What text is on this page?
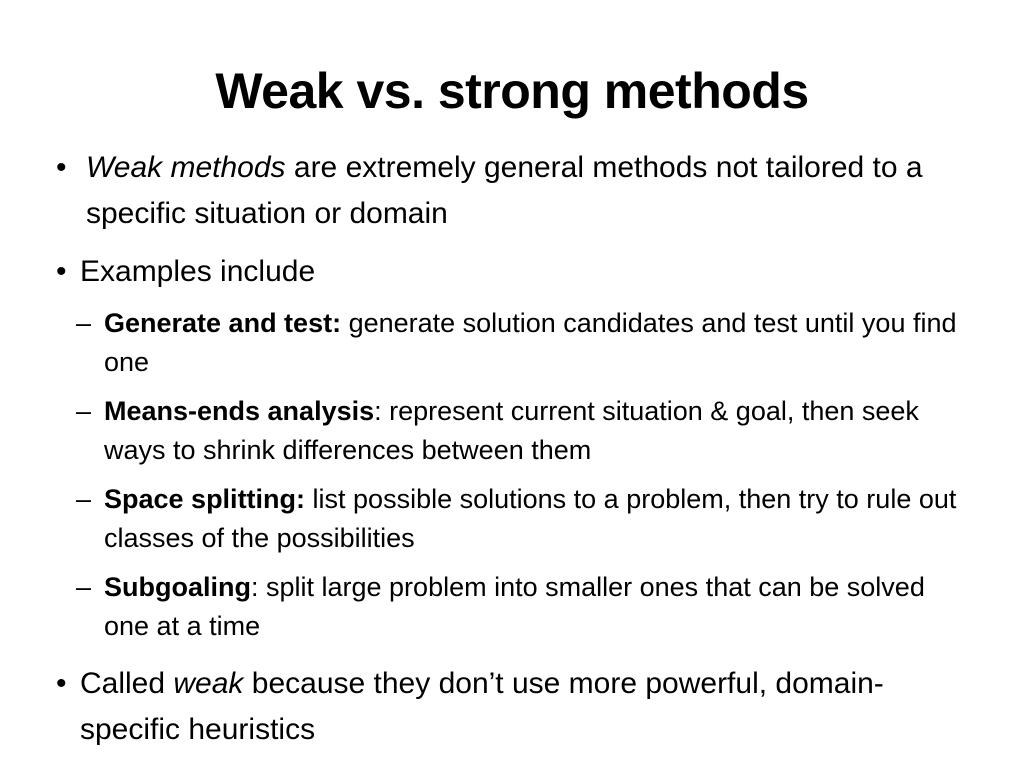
Weak vs. strong methods
• Weak methods are extremely general methods not tailored to a specific situation or domain
• Examples include
– Generate and test: generate solution candidates and test until you find one
– Means-ends analysis: represent current situation & goal, then seek ways to shrink differences between them
– Space splitting: list possible solutions to a problem, then try to rule out classes of the possibilities
– Subgoaling: split large problem into smaller ones that can be solved one at a time
• Called weak because they don’t use more powerful, domain-specific heuristics
